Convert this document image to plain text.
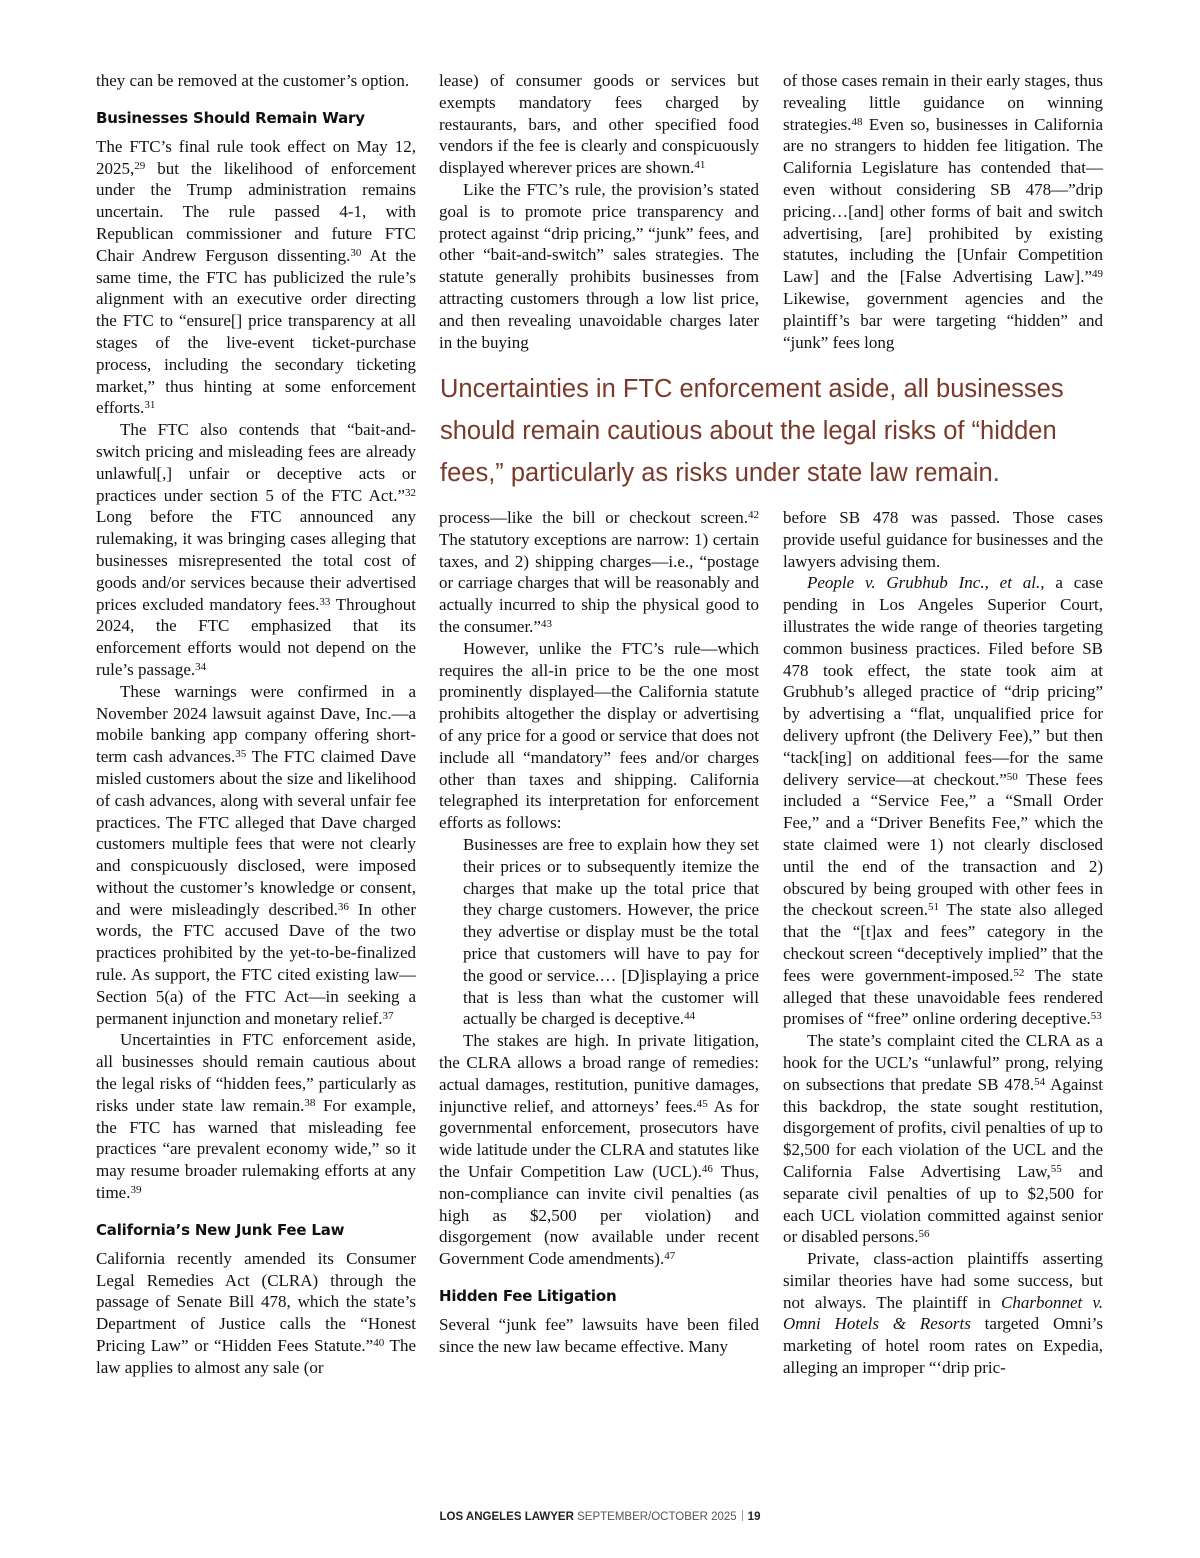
they can be removed at the customer’s option.

Businesses Should Remain Wary

The FTC’s final rule took effect on May 12, 2025,29 but the likelihood of enforcement under the Trump administration remains uncertain. The rule passed 4-1, with Republican commissioner and future FTC Chair Andrew Ferguson dissenting.$^{30}$ At the same time, the FTC has publicized the rule’s alignment with an executive order directing the FTC to “ensure[] price transparency at all stages of the live-event ticket-purchase process, including the secondary ticketing market,” thus hinting at some enforcement efforts.$^{31}$

The FTC also contends that “bait-and-switch pricing and misleading fees are already unlawful[,] unfair or deceptive acts or practices under section 5 of the FTC Act.”$^{32}$ Long before the FTC announced any rulemaking, it was bringing cases alleging that businesses misrepresented the total cost of goods and/or services because their advertised prices excluded mandatory fees.$^{33}$ Throughout 2024, the FTC emphasized that its enforcement efforts would not depend on the rule’s passage.$^{34}$

These warnings were confirmed in a November 2024 lawsuit against Dave, Inc.—a mobile banking app company offering short-term cash advances.$^{35}$ The FTC claimed Dave misled customers about the size and likelihood of cash advances, along with several unfair fee practices. The FTC alleged that Dave charged customers multiple fees that were not clearly and conspicuously disclosed, were imposed without the customer’s knowledge or consent, and were misleadingly described.$^{36}$ In other words, the FTC accused Dave of the two practices prohibited by the yet-to-be-finalized rule. As support, the FTC cited existing law—Section 5(a) of the FTC Act—in seeking a permanent injunction and monetary relief.$^{37}$

Uncertainties in FTC enforcement aside, all businesses should remain cautious about the legal risks of “hidden fees,” particularly as risks under state law remain.$^{38}$ For example, the FTC has warned that misleading fee practices “are prevalent economy wide,” so it may resume broader rulemaking efforts at any time.$^{39}$

California’s New Junk Fee Law

California recently amended its Consumer Legal Remedies Act (CLRA) through the passage of Senate Bill 478, which the state’s Department of Justice calls the “Honest Pricing Law” or “Hidden Fees Statute.”$^{40}$ The law applies to almost any sale (or

lease) of consumer goods or services but exempts mandatory fees charged by restaurants, bars, and other specified food vendors if the fee is clearly and conspicuously displayed wherever prices are shown.$^{41}$

Like the FTC’s rule, the provision’s stated goal is to promote price transparency and protect against “drip pricing,” “junk” fees, and other “bait-and-switch” sales strategies. The statute generally prohibits businesses from attracting customers through a low list price, and then revealing unavoidable charges later in the buying

of those cases remain in their early stages, thus revealing little guidance on winning strategies.$^{48}$ Even so, businesses in California are no strangers to hidden fee litigation. The California Legislature has contended that—even without considering SB 478—”drip pricing…[and] other forms of bait and switch advertising, [are] prohibited by existing statutes, including the [Unfair Competition Law] and the [False Advertising Law].”$^{49}$ Likewise, government agencies and the plaintiff’s bar were targeting “hidden” and “junk” fees long

Uncertainties in FTC enforcement aside, all businesses should remain cautious about the legal risks of “hidden fees,” particularly as risks under state law remain.

process—like the bill or checkout screen.$^{42}$ The statutory exceptions are narrow: 1) certain taxes, and 2) shipping charges—i.e., “postage or carriage charges that will be reasonably and actually incurred to ship the physical good to the consumer.”$^{43}$

However, unlike the FTC’s rule—which requires the all-in price to be the one most prominently displayed—the California statute prohibits altogether the display or advertising of any price for a good or service that does not include all “mandatory” fees and/or charges other than taxes and shipping. California telegraphed its interpretation for enforcement efforts as follows:

Businesses are free to explain how they set their prices or to subsequently itemize the charges that make up the total price that they charge customers. However, the price they advertise or display must be the total price that customers will have to pay for the good or service.… [D]isplaying a price that is less than what the customer will actually be charged is deceptive.$^{44}$

The stakes are high. In private litigation, the CLRA allows a broad range of remedies: actual damages, restitution, punitive damages, injunctive relief, and attorneys’ fees.$^{45}$ As for governmental enforcement, prosecutors have wide latitude under the CLRA and statutes like the Unfair Competition Law (UCL).$^{46}$ Thus, non-compliance can invite civil penalties (as high as $2,500 per violation) and disgorgement (now available under recent Government Code amendments).$^{47}$

Hidden Fee Litigation

Several “junk fee” lawsuits have been filed since the new law became effective. Many

before SB 478 was passed. Those cases provide useful guidance for businesses and the lawyers advising them.

People v. Grubhub Inc., et al., a case pending in Los Angeles Superior Court, illustrates the wide range of theories targeting common business practices. Filed before SB 478 took effect, the state took aim at Grubhub’s alleged practice of “drip pricing” by advertising a “flat, unqualified price for delivery upfront (the Delivery Fee),” but then “tack[ing] on additional fees—for the same delivery service—at checkout.”$^{50}$ These fees included a “Service Fee,” a “Small Order Fee,” and a “Driver Benefits Fee,” which the state claimed were 1) not clearly disclosed until the end of the transaction and 2) obscured by being grouped with other fees in the checkout screen.$^{51}$ The state also alleged that the “[t]ax and fees” category in the checkout screen “deceptively implied” that the fees were government-imposed.$^{52}$ The state alleged that these unavoidable fees rendered promises of “free” online ordering deceptive.$^{53}$

The state’s complaint cited the CLRA as a hook for the UCL’s “unlawful” prong, relying on subsections that predate SB 478.54 Against this backdrop, the state sought restitution, disgorgement of profits, civil penalties of up to $2,500 for each violation of the UCL and the California False Advertising Law,$^{55}$ and separate civil penalties of up to $2,500 for each UCL violation committed against senior or disabled persons.$^{56}$

Private, class-action plaintiffs asserting similar theories have had some success, but not always. The plaintiff in Charbonnet v. Omni Hotels & Resorts targeted Omni’s marketing of hotel room rates on Expedia, alleging an improper “‘drip pric-

LOS ANGELES LAWYER SEPTEMBER/OCTOBER 2025 19
